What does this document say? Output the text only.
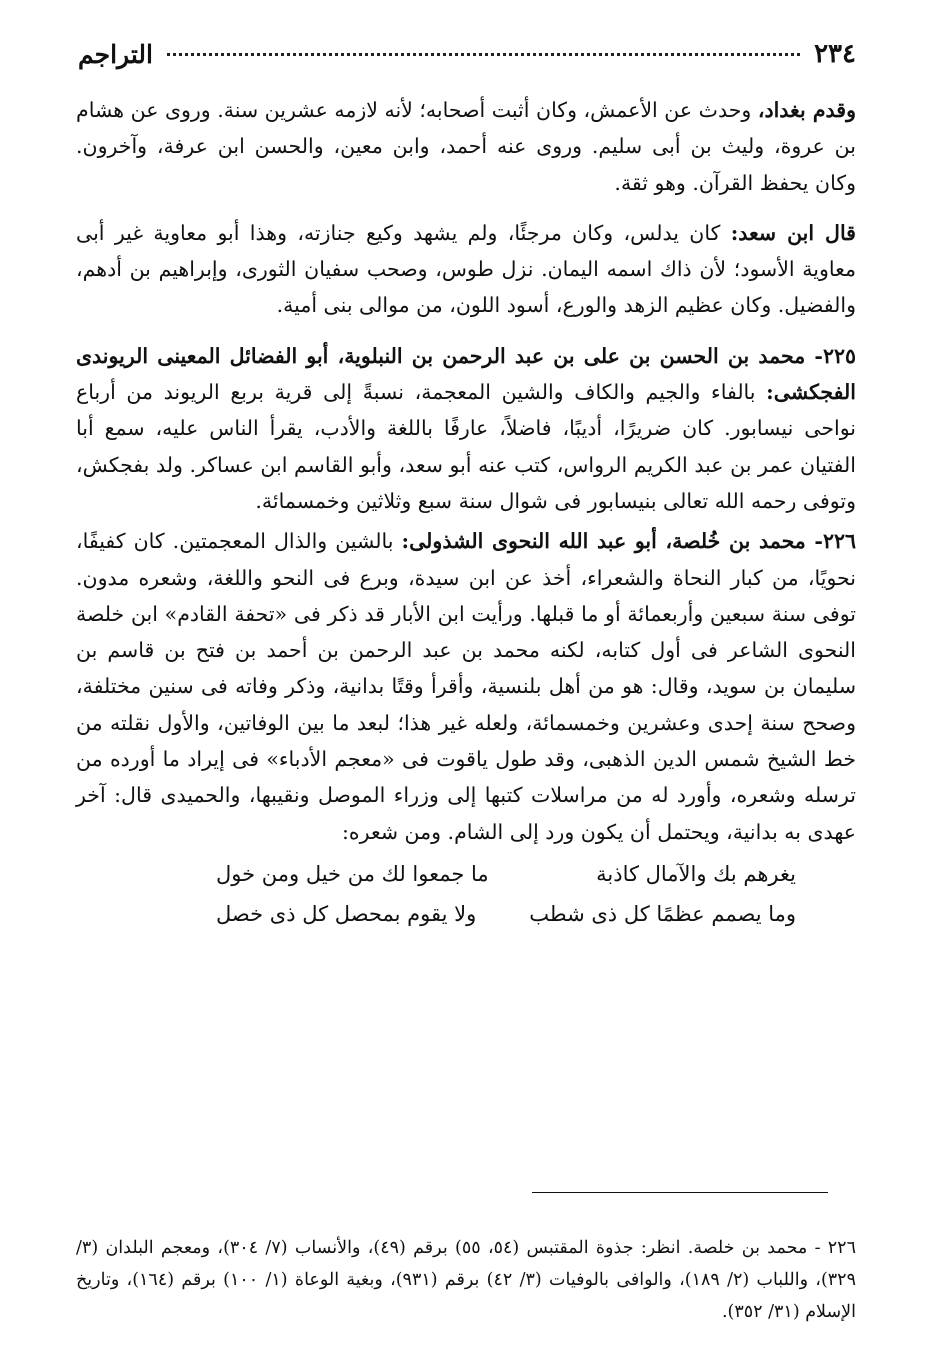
٢٣٤
التراجم

وقدم بغداد، وحدث عن الأعمش، وكان أثبت أصحابه؛ لأنه لازمه عشرين سنة. وروى عن هشام بن عروة، وليث بن أبى سليم. وروى عنه أحمد، وابن معين، والحسن ابن عرفة، وآخرون. وكان يحفظ القرآن. وهو ثقة.

قال ابن سعد: كان يدلس، وكان مرجئًا، ولم يشهد وكيع جنازته، وهذا أبو معاوية غير أبى معاوية الأسود؛ لأن ذاك اسمه اليمان. نزل طوس، وصحب سفيان الثورى، وإبراهيم بن أدهم، والفضيل. وكان عظيم الزهد والورع، أسود اللون، من موالى بنى أمية.

٢٢٥- محمد بن الحسن بن على بن عبد الرحمن بن النبلوية، أبو الفضائل المعينى الريوندى الفجكشى: بالفاء والجيم والكاف والشين المعجمة، نسبةً إلى قرية بربع الريوند من أرباع نواحى نيسابور. كان ضريرًا، أديبًا، فاضلاً، عارفًا باللغة والأدب، يقرأ الناس عليه، سمع أبا الفتيان عمر بن عبد الكريم الرواس، كتب عنه أبو سعد، وأبو القاسم ابن عساكر. ولد بفجكش، وتوفى رحمه الله تعالى بنيسابور فى شوال سنة سبع وثلاثين وخمسمائة.

٢٢٦- محمد بن خُلصة، أبو عبد الله النحوى الشذولى: بالشين والذال المعجمتين. كان كفيفًا، نحويًا، من كبار النحاة والشعراء، أخذ عن ابن سيدة، وبرع فى النحو واللغة، وشعره مدون. توفى سنة سبعين وأربعمائة أو ما قبلها. ورأيت ابن الأبار قد ذكر فى «تحفة القادم» ابن خلصة النحوى الشاعر فى أول كتابه، لكنه محمد بن عبد الرحمن بن أحمد بن فتح بن قاسم بن سليمان بن سويد، وقال: هو من أهل بلنسية، وأقرأ وقتًا بدانية، وذكر وفاته فى سنين مختلفة، وصحح سنة إحدى وعشرين وخمسمائة، ولعله غير هذا؛ لبعد ما بين الوفاتين، والأول نقلته من خط الشيخ شمس الدين الذهبى، وقد طول ياقوت فى «معجم الأدباء» فى إيراد ما أورده من ترسله وشعره، وأورد له من مراسلات كتبها إلى وزراء الموصل ونقيبها، والحميدى قال: آخر عهدى به بدانية، ويحتمل أن يكون ورد إلى الشام. ومن شعره:

يغرهم بك والآمال كاذبة
ما جمعوا لك من خيل ومن خول
وما يصمم عظمًا كل ذى شطب
ولا يقوم بمحصل كل ذى خصل

٢٢٦ - محمد بن خلصة. انظر: جذوة المقتبس (٥٤، ٥٥) برقم (٤٩)، والأنساب (٧/ ٣٠٤)، ومعجم البلدان (٣/ ٣٢٩)، واللباب (٢/ ١٨٩)، والوافى بالوفيات (٣/ ٤٢) برقم (٩٣١)، وبغية الوعاة (١/ ١٠٠) برقم (١٦٤)، وتاريخ الإسلام (٣١/ ٣٥٢).
